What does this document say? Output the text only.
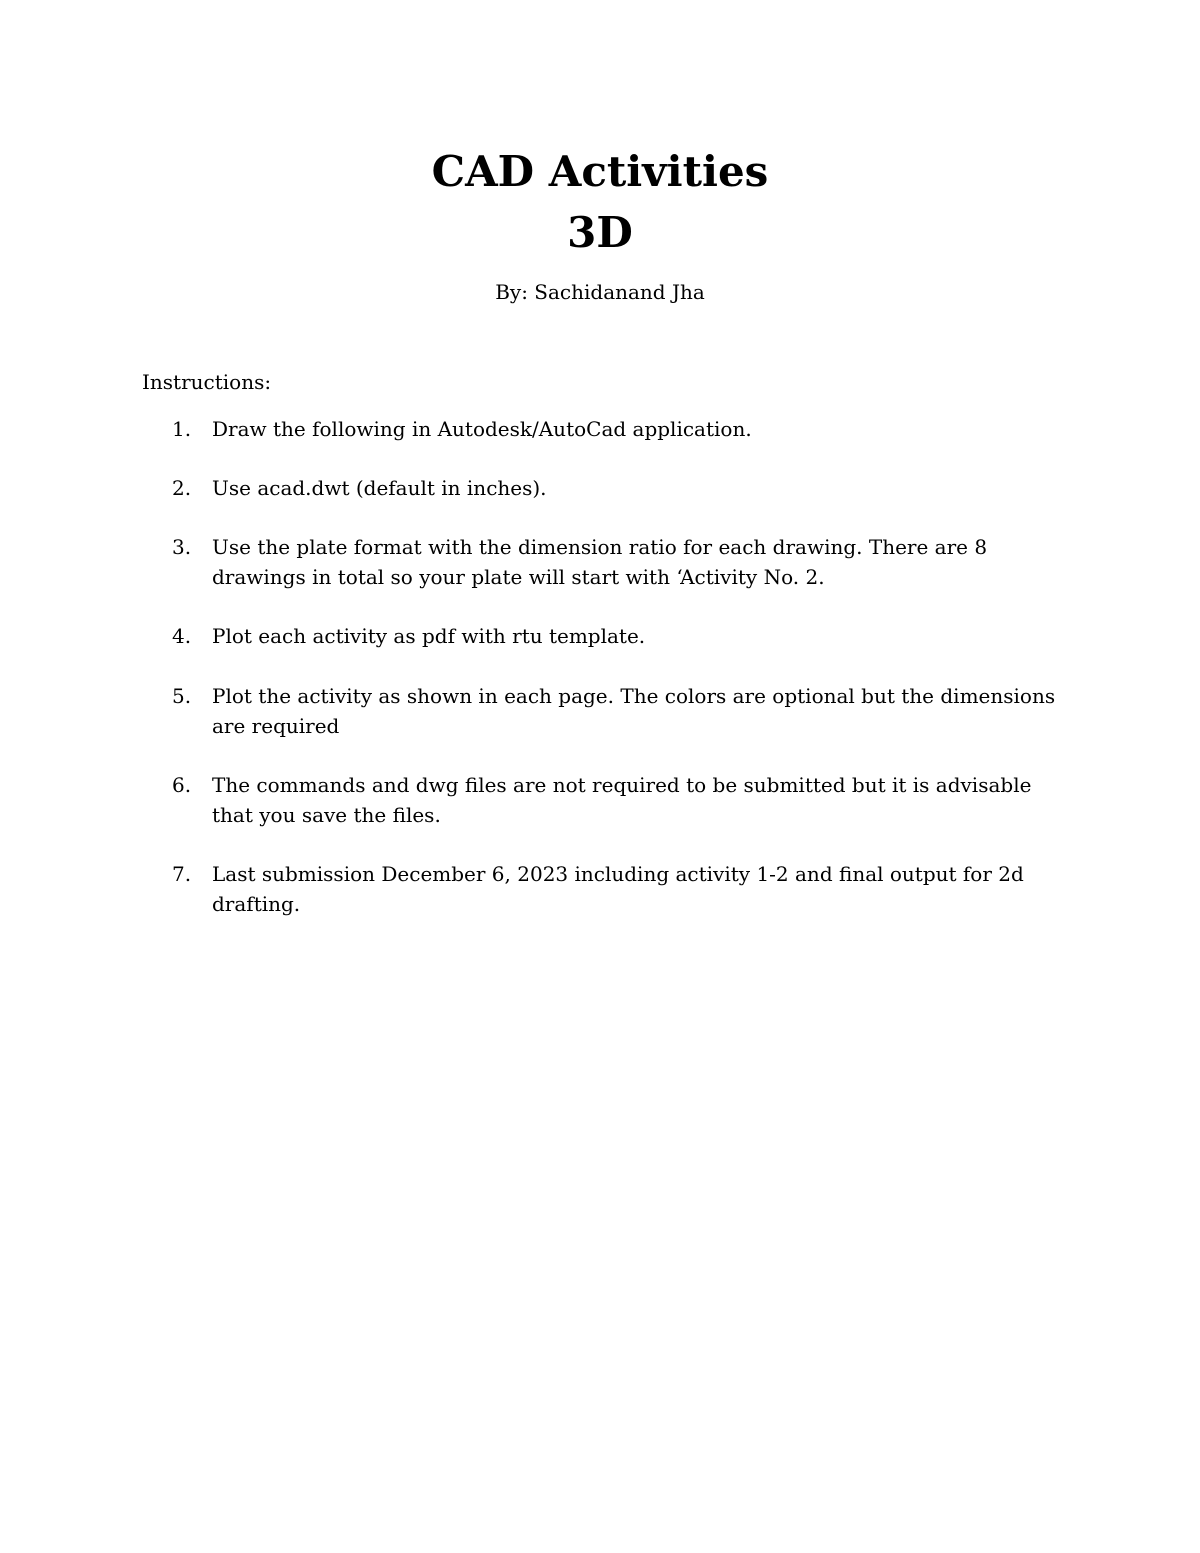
CAD Activities
3D
By: Sachidanand Jha
Instructions:
1.	Draw the following in Autodesk/AutoCad application.
2.	Use acad.dwt (default in inches).
3.	Use the plate format with the dimension ratio for each drawing. There are 8 drawings in total so your plate will start with ‘Activity No. 2.
4.	Plot each activity as pdf with rtu template.
5.	Plot the activity as shown in each page. The colors are optional but the dimensions are required
6.	The commands and dwg files are not required to be submitted but it is advisable that you save the files.
7.	Last submission December 6, 2023 including activity 1-2 and final output for 2d drafting.
